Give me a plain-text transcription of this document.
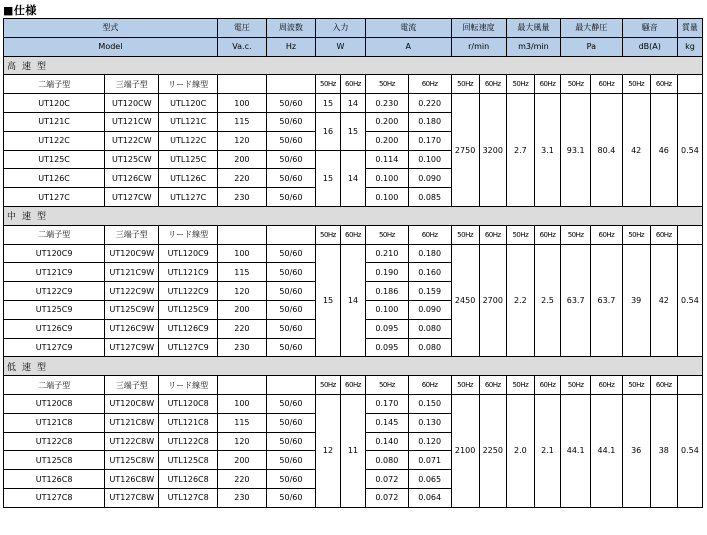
■仕様
型式			電圧	周波数	入力		電流		回転速度		最大風量		最大静圧		騒音		質量
Model			Va.c.	Hz	W		A		r/min		m3/min		Pa		dB(A)		kg
高速型																	
二端子型	三端子型	リード線型			50Hz	60Hz	50Hz	60Hz	50Hz	60Hz	50Hz	60Hz	50Hz	60Hz	50Hz	60Hz	
UT120C	UT120CW	UTL120C	100	50/60	15	14	0.230	0.220	2750	3200	2.7	3.1	93.1	80.4	42	46	0.54
UT121C	UT121CW	UTL121C	115	50/60	16	15	0.200	0.180									
UT122C	UT122CW	UTL122C	120	50/60			0.200	0.170									
UT125C	UT125CW	UTL125C	200	50/60	15	14	0.114	0.100									
UT126C	UT126CW	UTL126C	220	50/60			0.100	0.090									
UT127C	UT127CW	UTL127C	230	50/60			0.100	0.085									
中速型																	
二端子型	三端子型	リード線型			50Hz	60Hz	50Hz	60Hz	50Hz	60Hz	50Hz	60Hz	50Hz	60Hz	50Hz	60Hz	
UT120C9	UT120C9W	UTL120C9	100	50/60	15	14	0.210	0.180	2450	2700	2.2	2.5	63.7	63.7	39	42	0.54
UT121C9	UT121C9W	UTL121C9	115	50/60			0.190	0.160									
UT122C9	UT122C9W	UTL122C9	120	50/60			0.186	0.159									
UT125C9	UT125C9W	UTL125C9	200	50/60			0.100	0.090									
UT126C9	UT126C9W	UTL126C9	220	50/60			0.095	0.080									
UT127C9	UT127C9W	UTL127C9	230	50/60			0.095	0.080									
低速型																	
二端子型	三端子型	リード線型			50Hz	60Hz	50Hz	60Hz	50Hz	60Hz	50Hz	60Hz	50Hz	60Hz	50Hz	60Hz	
UT120C8	UT120C8W	UTL120C8	100	50/60	12	11	0.170	0.150	2100	2250	2.0	2.1	44.1	44.1	36	38	0.54
UT121C8	UT121C8W	UTL121C8	115	50/60			0.145	0.130									
UT122C8	UT122C8W	UTL122C8	120	50/60			0.140	0.120									
UT125C8	UT125C8W	UTL125C8	200	50/60			0.080	0.071									
UT126C8	UT126C8W	UTL126C8	220	50/60			0.072	0.065									
UT127C8	UT127C8W	UTL127C8	230	50/60			0.072	0.064									
